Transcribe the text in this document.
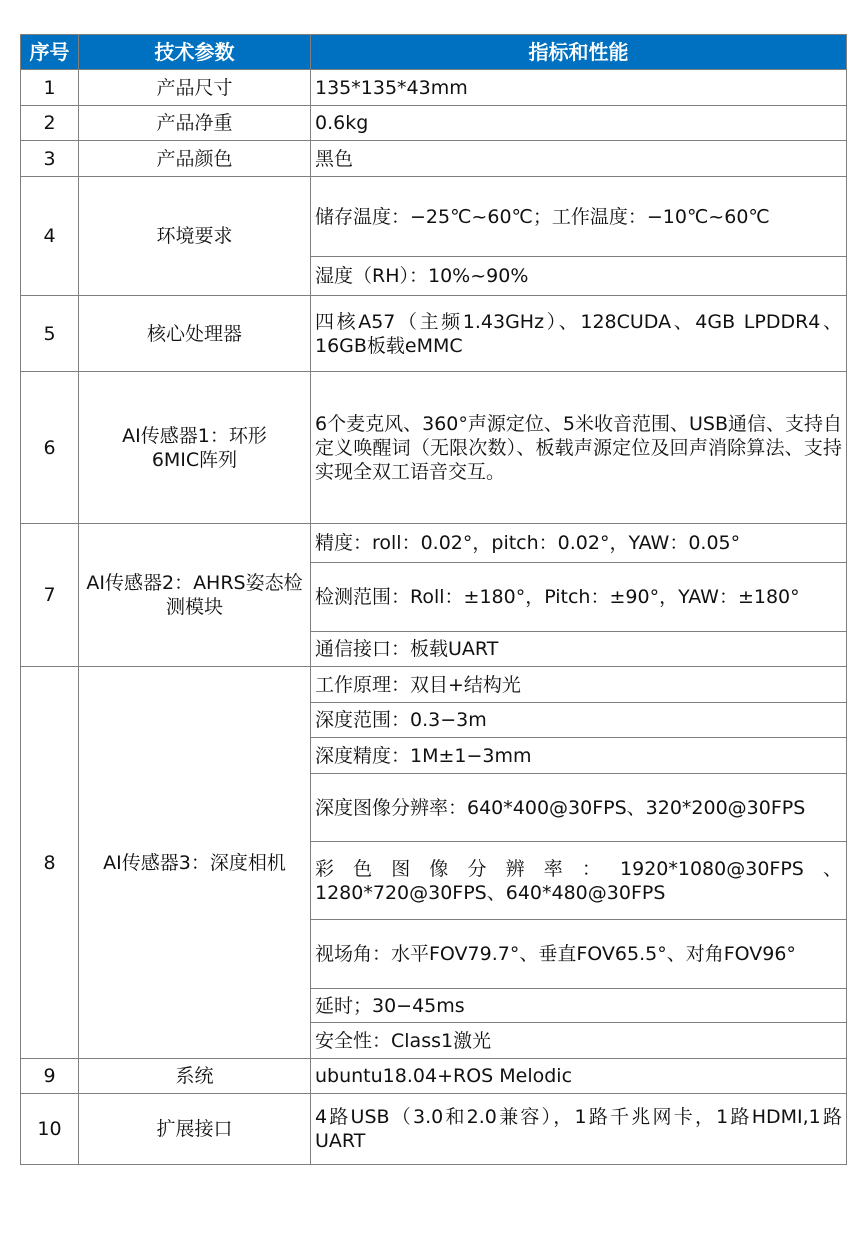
序号	技术参数	指标和性能
1	产品尺寸	135*135*43mm
2	产品净重	0.6kg
3	产品颜色	黑色
4	环境要求	储存温度：−25℃~60℃；工作温度：−10℃~60℃
		湿度（RH）：10%~90%
5	核心处理器	四核A57（主频1.43GHz）、128CUDA、4GB LPDDR4、16GB板载eMMC
6	AI传感器1：环形6MIC阵列	6个麦克风、360°声源定位、5米收音范围、USB通信、支持自定义唤醒词（无限次数）、板载声源定位及回声消除算法、支持实现全双工语音交互。
7	AI传感器2：AHRS姿态检测模块	精度：roll：0.02°，pitch：0.02°，YAW：0.05°
		检测范围：Roll：±180°，Pitch：±90°，YAW：±180°
		通信接口：板载UART
8	AI传感器3：深度相机	工作原理：双目+结构光
		深度范围：0.3−3m
		深度精度：1M±1−3mm
		深度图像分辨率：640*400@30FPS、320*200@30FPS
		彩色图像分辨率：1920*1080@30FPS、1280*720@30FPS、640*480@30FPS
		视场角：水平FOV79.7°、垂直FOV65.5°、对角FOV96°
		延时；30−45ms
		安全性：Class1激光
9	系统	ubuntu18.04+ROS Melodic
10	扩展接口	4路USB（3.0和2.0兼容），1路千兆网卡，1路HDMI,1路UART
